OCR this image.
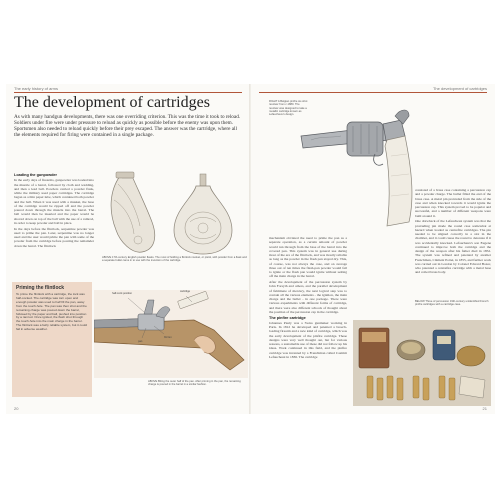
The early history of arms
The development of cartridges
As with many handgun developments, there was one overriding criterion. This was the time it took to reload. Soldiers under fire were under pressure to reload as quickly as possible before the enemy was upon them. Sportsmen also needed to reload quickly before their prey escaped. The answer was the cartridge, where all the elements required for firing were contained in a single package.
Loading the gunpowder

In the early days of firearms, gunpowder was loaded into the muzzle of a barrel, followed by cloth and wadding, and then a lead ball. Powders carried a powder flask, while the military used paper cartridges. The cartridge began as a thin paper tube, which contained both powder and the ball. When it was used with a musket, the base of the cartridge would be ripped off and the powder poured down through the muzzle into the barrel. The ball would then be inserted and the paper would be shoved down on top of the ball with the use of a ramrod, in order to keep powder and ball in place.

In the days before the flintlock, serpentine powder was used to prime the pan. Later, serpentine was no longer used and the user would prime the pan with some of the powder from the cartridge before pouring the remainder down the barrel. The flintlock

ABOVE 17th-century English powder flasks. The most of holding a flintlock musket, or pistol, with powder from a flask and a separate bullet came in to use with the invention of the cartridge.
Priming the flintlock
To prime the flintlock with a cartridge, the lock was half-cocked. The cartridge was torn open and enough powder was used to half fill the pan, away from the touch-hole. The pan was then shut and the remaining charge was poured down the barrel, followed by the paper and ball, pushed into position by a ramrod. Once ignited, the flash shot through the touch-hole into the main charge in the barrel. The flintlock was a fairly reliable system, but it could fail in adverse weather.
half-cock position
cartridge
frizzen
pan
ABOVE Biting the outer half of the pan. After priming in the pan, the remaining charge is poured in the barrel in a similar fashion.
20
The development of cartridges
RIGHT A Belgian pinfire six-shot revolver from c.1880. The revolver was designed to take a metallic cartridge known as Lefaucheux's design.

mechanism obviated the need to prime the pan as a separate operation, as a certain amount of powder would run through from the base of the barrel into the covered pan. This system was in general use during most of the era of the flintlock, and was mostly reliable as long as the powder in the flash pan stayed dry. This, of course, was not always the case, and on average three out of ten times the flash-pan powder would fail to ignite or the flash pan would ignite without setting off the main charge in the barrel.

After the development of the percussion system by John Forsyth and others, and the parallel development of fulminate of mercury, the next logical step was to contain all the various elements - the ignition, the main charge and the bullet - in one package. There were various experiments with different forms of cartridge, and there were also different schools of thought about the position of the percussion cap in the cartridge.

The pinfire cartridge

Johannes Pauly was a Swiss gunmaker working in Paris. In 1812 he developed and patented a breech-loading firearm and a new kind of cartridge, which was the early development of the pinfire cartridge. These designs were very well thought out, but for various reasons, a sustainable use of these did not follow up his ideas. Work continued in this field, and the pinfire cartridge was invented by a Frenchman called Casimir Lefaucheux in 1836. The cartridge

consisted of a brass case containing a percussion cap and a powder charge. The bullet filled the end of the brass case. A metal pin protruded from the side of the case and when knocked towards it would ignite the percussion cap. This system proved to be popular and successful, and a number of different weapons were built around it.

One drawback of the Lefaucheux system was that the protruding pin made the round case somewhat at hazard when loaded as centrefire cartridges. The pin needed to be aligned correctly in a slot in the chamber, and it could cause the round to detonate if it was accidentally knocked. Lefaucheux's son Eugene continued to improve both the cartridge and the design of the weapon after his father died in 1852. The system was refined and patented by another Frenchman, Clément Pottet, in 1855, and further work was carried out in London by Colonel Edward Boxer, who patented a centrefire cartridge with a metal base and coiled brass body.

BELOW Three of percussion 19th-century unidentified French pinfire cartridges with a cartridge case.
21
